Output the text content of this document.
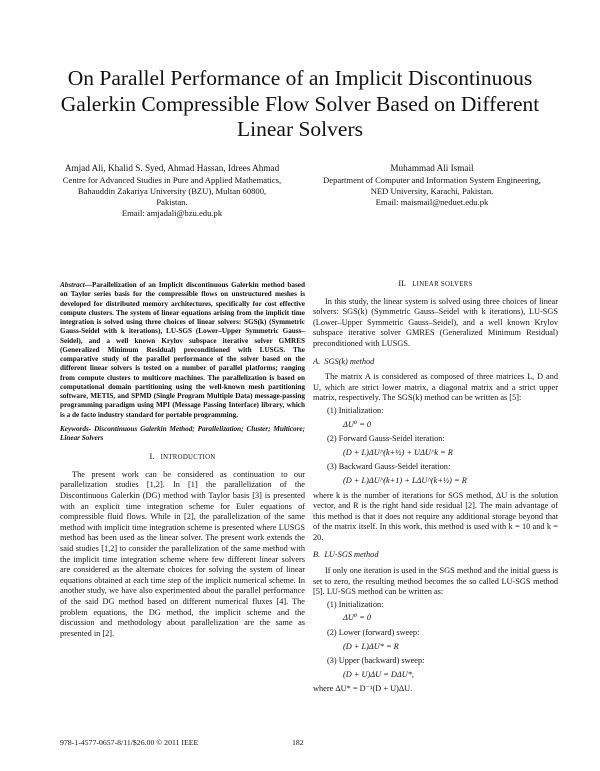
On Parallel Performance of an Implicit Discontinuous Galerkin Compressible Flow Solver Based on Different Linear Solvers
Amjad Ali, Khalid S. Syed, Ahmad Hassan, Idrees Ahmad
Centre for Advanced Studies in Pure and Applied Mathematics, Bahauddin Zakariya University (BZU), Multan 60800, Pakistan.
Email: amjadali@bzu.edu.pk
Muhammad Ali Ismail
Department of Computer and Information System Engineering, NED University, Karachi, Pakistan.
Email: maismail@neduet.edu.pk
Abstract—Parallelization of an Implicit discontinuous Galerkin method based on Taylor series basis for the compressible flows on unstructured meshes is developed for distributed memory architectures, specifically for cost effective compute clusters. The system of linear equations arising from the implicit time integration is solved using three choices of linear solvers: SGS(k) (Symmetric Gauss-Seidel with k iterations), LU-SGS (Lower–Upper Symmetric Gauss–Seidel), and a well known Krylov subspace iterative solver GMRES (Generalized Minimum Residual) preconditioned with LUSGS. The comparative study of the parallel performance of the solver based on the different linear solvers is tested on a number of parallel platforms; ranging from compute clusters to multicore machines. The parallelization is based on computational domain partitioning using the well-known mesh partitioning software, METIS, and SPMD (Single Program Multiple Data) message-passing programming paradigm using MPI (Message Passing Interface) library, which is a de facto industry standard for portable programming.
Keywords- Discontinuous Galerkin Method; Parallelization; Cluster; Multicore; Linear Solvers
I. INTRODUCTION

The present work can be considered as continuation to our parallelization studies [1,2]. In [1] the parallelization of the Discontinuous Galerkin (DG) method with Taylor basis [3] is presented with an explicit time integration scheme for Euler equations of compressible fluid flows. While in [2], the parallelization of the same method with implicit time integration scheme is presented where LUSGS method has been used as the linear solver. The present work extends the said studies [1,2] to consider the parallelization of the same method with the implicit time integration scheme where few different linear solvers are considered as the alternate choices for solving the system of linear equations obtained at each time step of the implicit numerical scheme. In another study, we have also experimented about the parallel performance of the said DG method based on different numerical fluxes [4]. The problem equations, the DG method, the implicit scheme and the discussion and methodology about parallelization are the same as presented in [2].

II. LINEAR SOLVERS

In this study, the linear system is solved using three choices of linear solvers: SGS(k) (Symmetric Gauss–Seidel with k iterations), LU-SGS (Lower–Upper Symmetric Gauss–Seidel), and a well known Krylov subspace iterative solver GMRES (Generalized Minimum Residual) preconditioned with LUSGS.

A. SGS(k) method

The matrix A is considered as composed of three matrices L, D and U, which are strict lower matrix, a diagonal matrix and a strict upper matrix, respectively. The SGS(k) method can be written as [5]:

(1) Initialization:
ΔU⁰ = 0
(2) Forward Gauss-Seidel iteration:
(D + L)ΔU^(k+½) + UΔU^k = R
(3) Backward Gauss-Seidel iteration:
(D + L)ΔU^(k+1) + LΔU^(k+½) = R

where k is the number of iterations for SGS method, ΔU is the solution vector, and R is the right hand side residual [2]. The main advantage of this method is that it does not require any additional storage beyond that of the matrix itself. In this work, this method is used with k = 10 and k = 20.

B. LU-SGS method

If only one iteration is used in the SGS method and the initial guess is set to zero, the resulting method becomes the so called LU-SGS method [5]. LU-SGS method can be written as:

(1) Initialization:
ΔU⁰ = 0
(2) Lower (forward) sweep:
(D + L)ΔU* = R
(3) Upper (backward) sweep:
(D + U)ΔU = DΔU*,
where ΔU* = D⁻¹(D + U)ΔU.
978-1-4577-0657-8/11/$26.00 © 2011 IEEE	182
